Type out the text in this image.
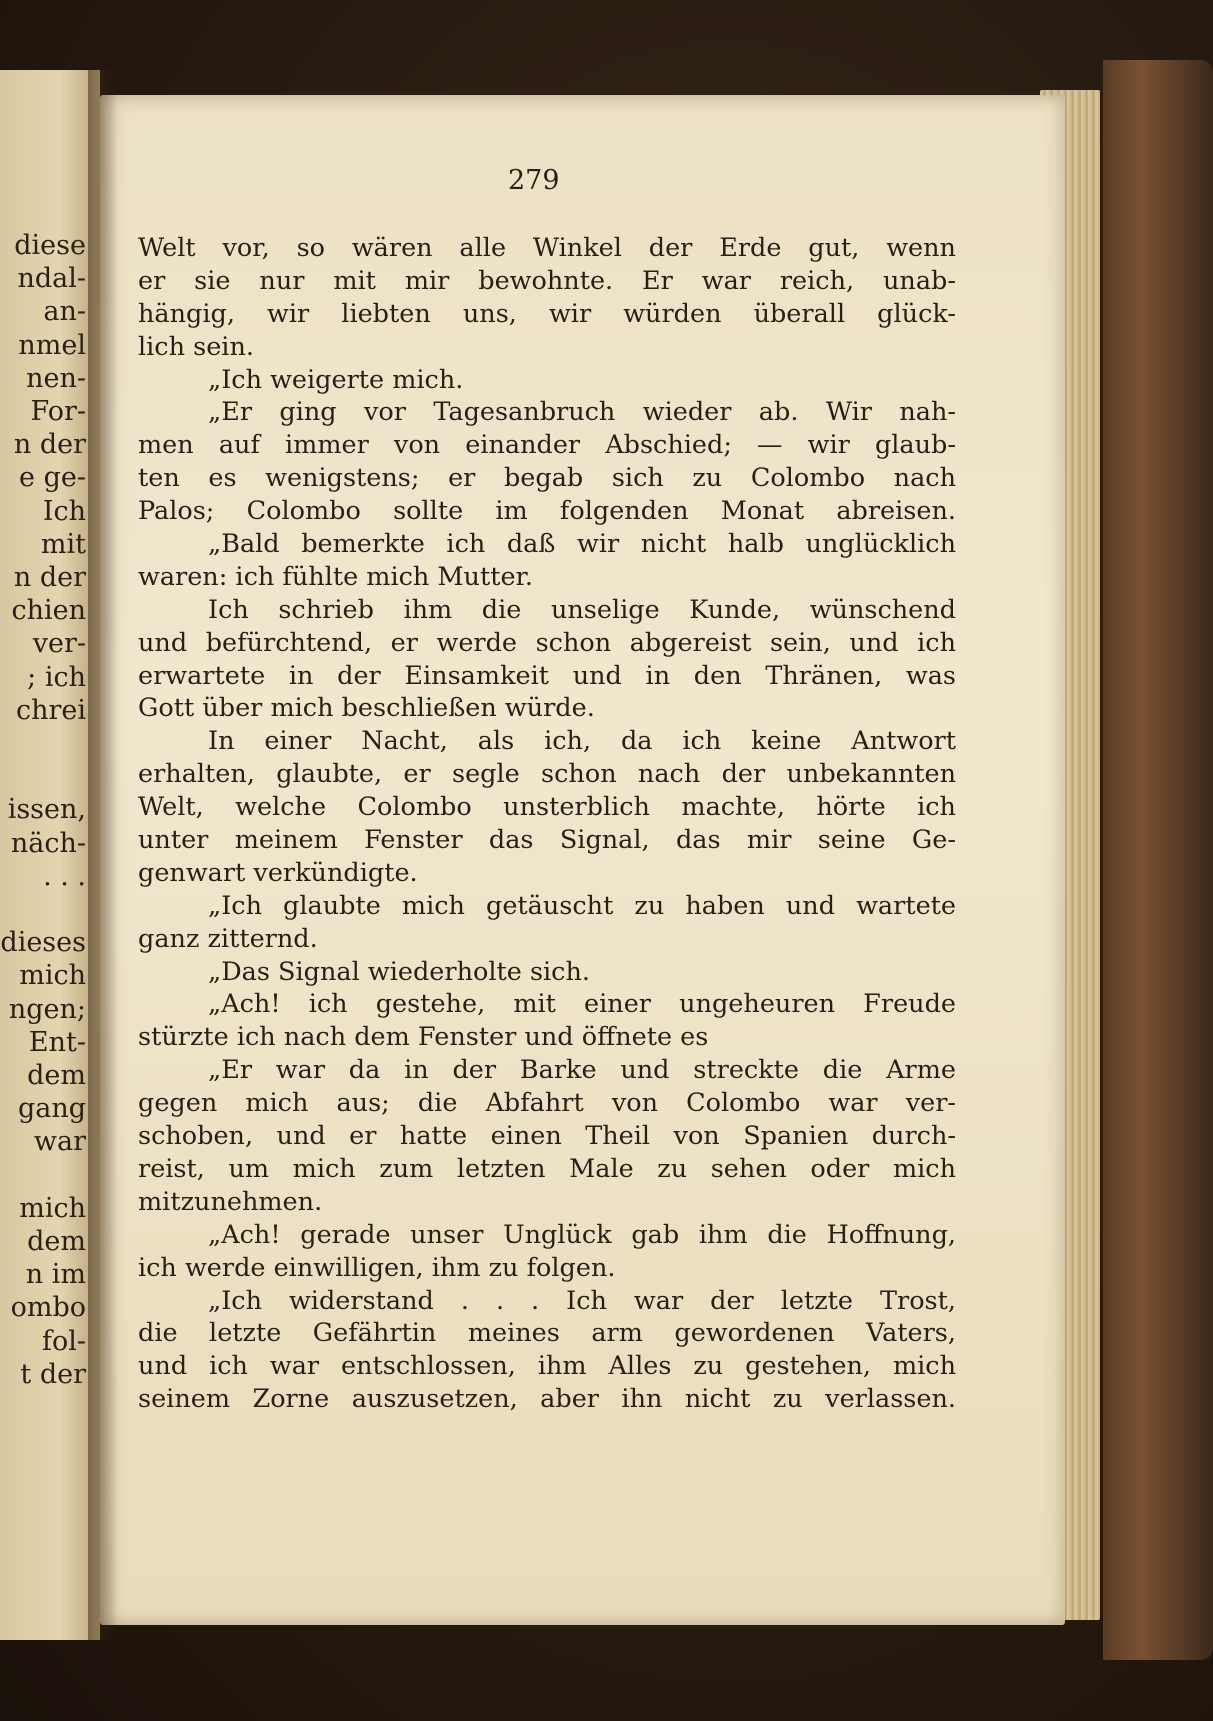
diese
ndal-
an-
nmel
nen-
For-
n der
e ge-
Ich
mit
n der
chien
ver-
; ich
chrei
issen,
näch-
. . .
dieses
mich
ngen;
Ent-
dem
gang
war
mich
dem
n im
ombo
fol-
t der
279
Welt vor, so wären alle Winkel der Erde gut, wenn
er sie nur mit mir bewohnte. Er war reich, unab-
hängig, wir liebten uns, wir würden überall glück-
lich sein.
„Ich weigerte mich.
„Er ging vor Tagesanbruch wieder ab. Wir nah-
men auf immer von einander Abschied; — wir glaub-
ten es wenigstens; er begab sich zu Colombo nach
Palos; Colombo sollte im folgenden Monat abreisen.
„Bald bemerkte ich daß wir nicht halb unglücklich
waren: ich fühlte mich Mutter.
Ich schrieb ihm die unselige Kunde, wünschend
und befürchtend, er werde schon abgereist sein, und ich
erwartete in der Einsamkeit und in den Thränen, was
Gott über mich beschließen würde.
In einer Nacht, als ich, da ich keine Antwort
erhalten, glaubte, er segle schon nach der unbekannten
Welt, welche Colombo unsterblich machte, hörte ich
unter meinem Fenster das Signal, das mir seine Ge-
genwart verkündigte.
„Ich glaubte mich getäuscht zu haben und wartete
ganz zitternd.
„Das Signal wiederholte sich.
„Ach! ich gestehe, mit einer ungeheuren Freude
stürzte ich nach dem Fenster und öffnete es
„Er war da in der Barke und streckte die Arme
gegen mich aus; die Abfahrt von Colombo war ver-
schoben, und er hatte einen Theil von Spanien durch-
reist, um mich zum letzten Male zu sehen oder mich
mitzunehmen.
„Ach! gerade unser Unglück gab ihm die Hoffnung,
ich werde einwilligen, ihm zu folgen.
„Ich widerstand . . . Ich war der letzte Trost,
die letzte Gefährtin meines arm gewordenen Vaters,
und ich war entschlossen, ihm Alles zu gestehen, mich
seinem Zorne auszusetzen, aber ihn nicht zu verlassen.
